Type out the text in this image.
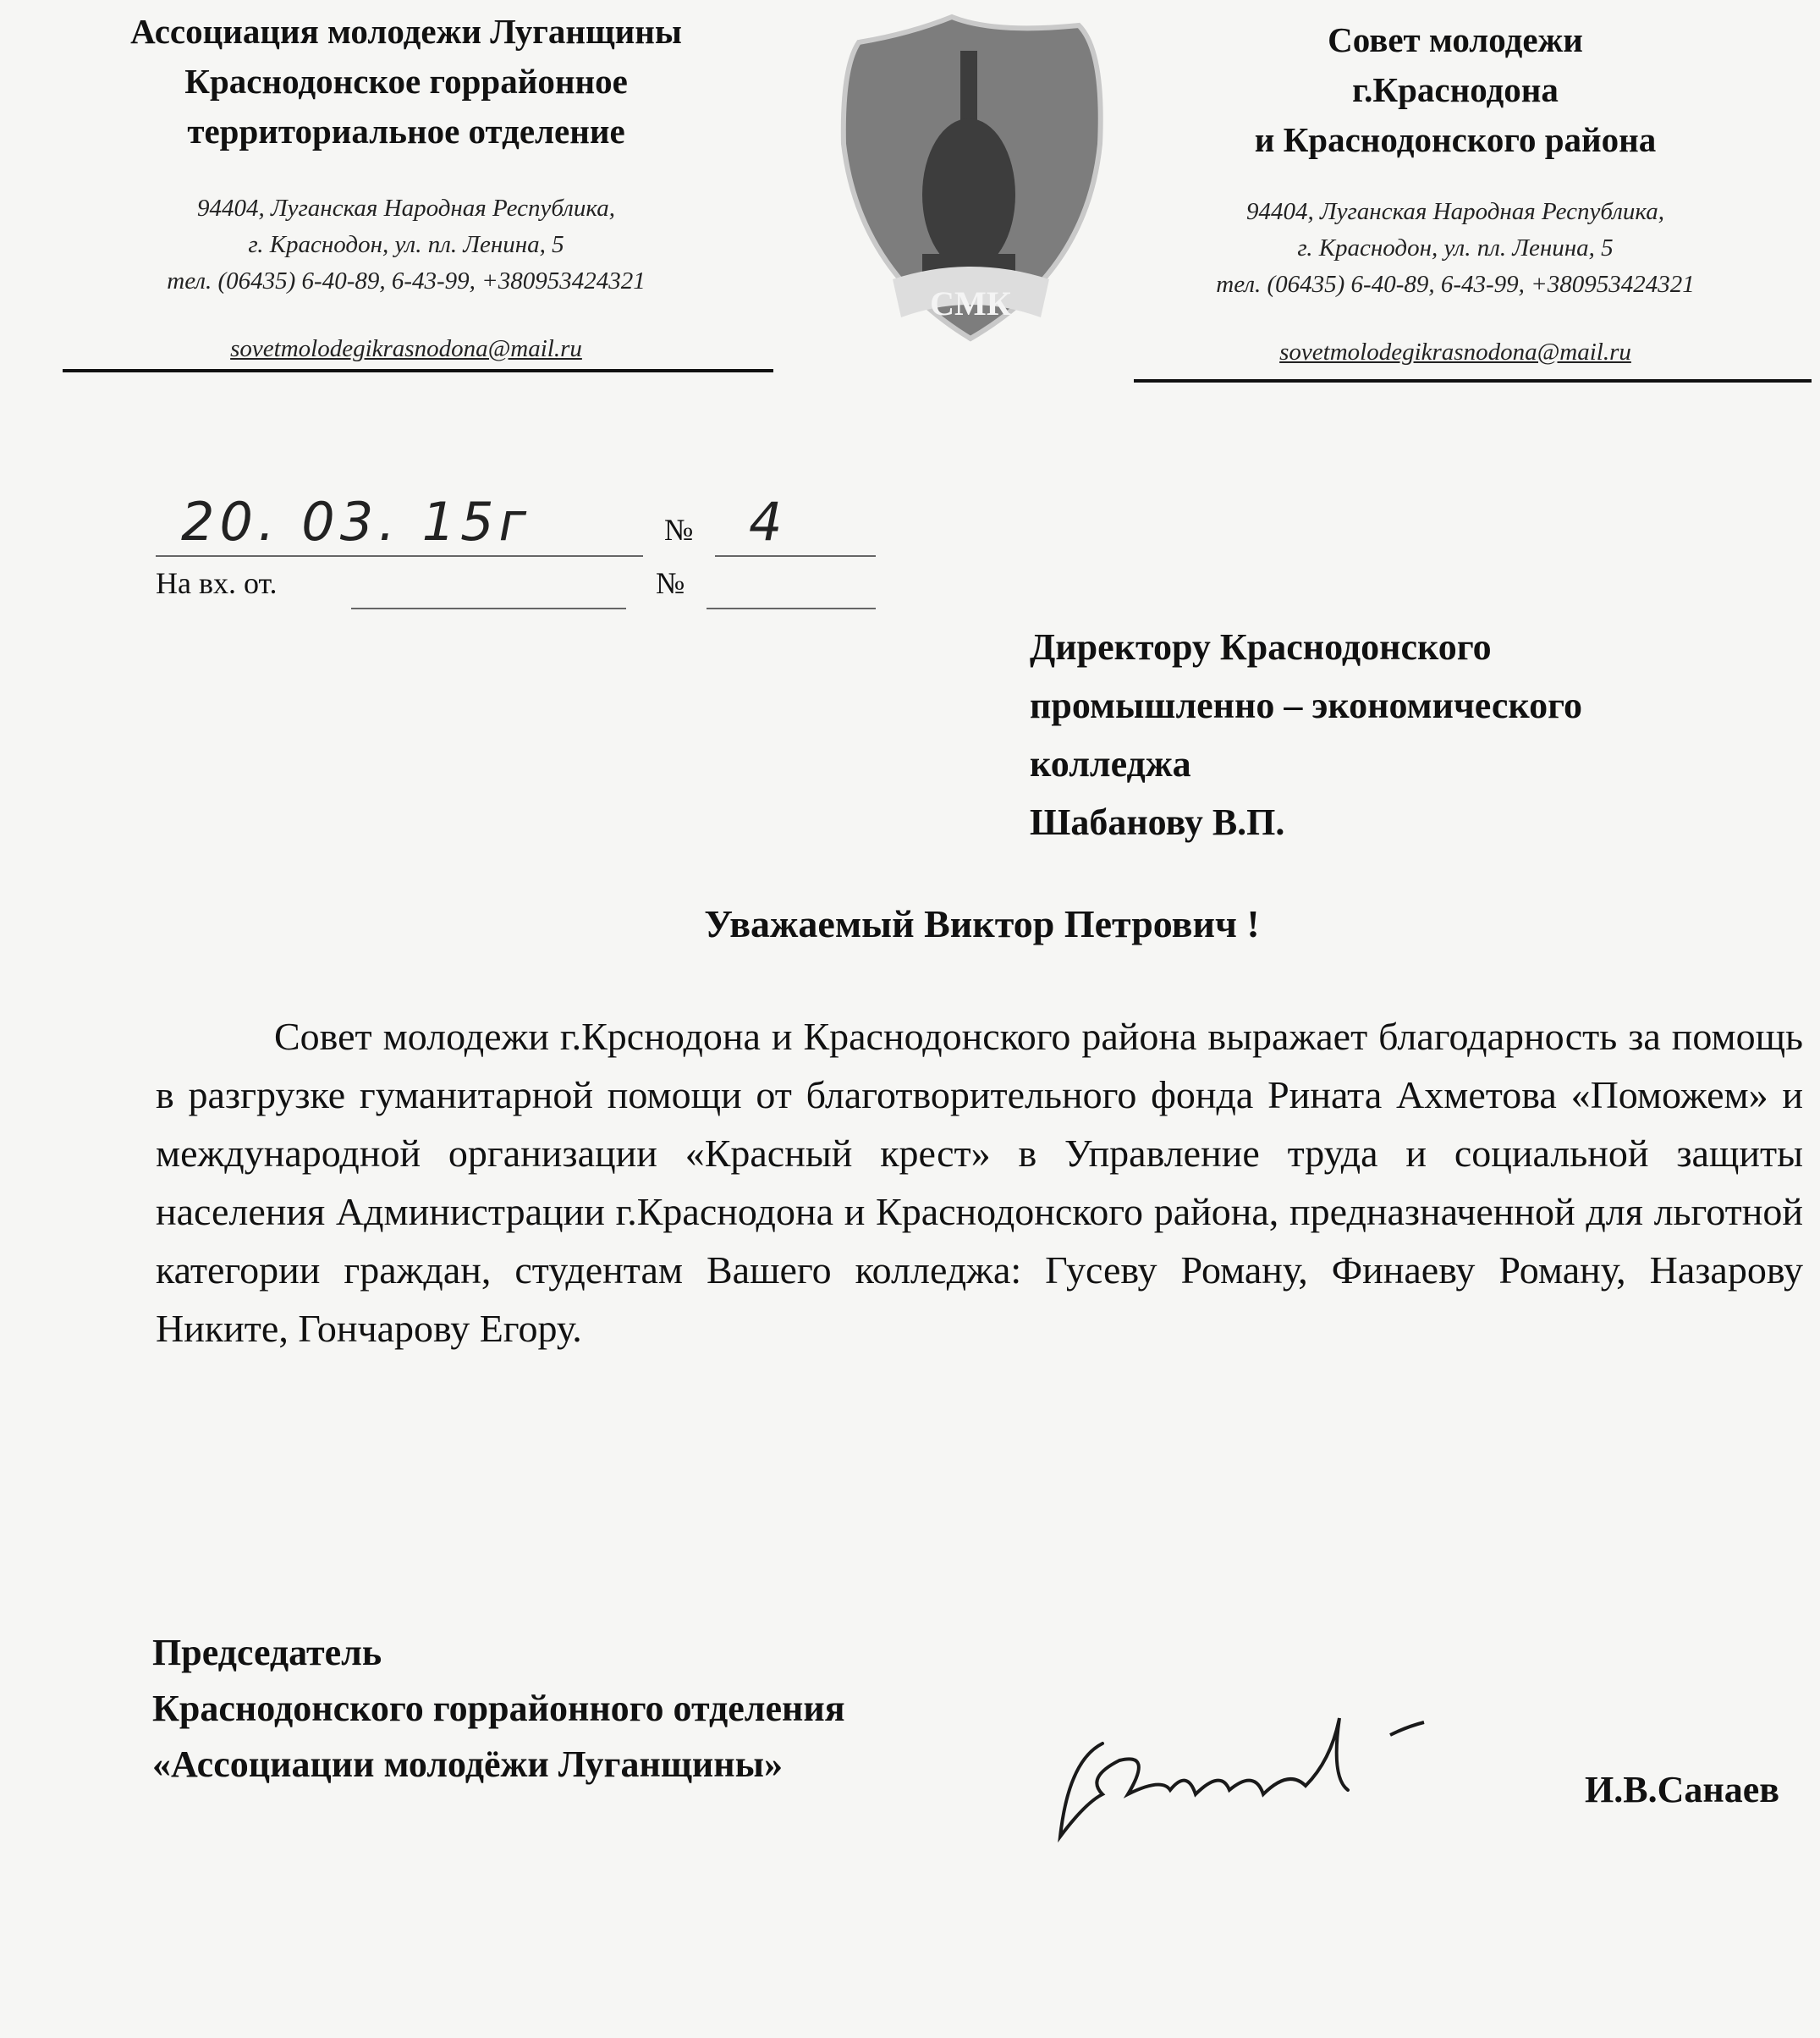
Ассоциация молодежи Луганщины
Краснодонское горрайонное
территориальное отделение
94404, Луганская Народная Республика,
г. Краснодон, ул. пл. Ленина, 5
тел. (06435) 6-40-89, 6-43-99, +380953424321
sovetmolodegikrasnodona@mail.ru
СМК
Совет молодежи
г.Краснодона
и Краснодонского района
94404, Луганская Народная Республика,
г. Краснодон, ул. пл. Ленина, 5
тел. (06435) 6-40-89, 6-43-99, +380953424321
sovetmolodegikrasnodona@mail.ru
20. 03. 15г	№	4
На вх. от.	№
Директору Краснодонского
промышленно – экономического
колледжа
Шабанову В.П.
Уважаемый Виктор Петрович !
Совет молодежи г.Крснодона и Краснодонского района выражает благодарность за помощь в разгрузке гуманитарной помощи от благотворительного фонда Рината Ахметова «Поможем» и международной организации «Красный крест» в Управление труда и социальной защиты населения Администрации г.Краснодона и Краснодонского района, предназначенной для льготной категории граждан, студентам Вашего колледжа: Гусеву Роману, Финаеву Роману, Назарову Никите, Гончарову Егору.
Председатель
Краснодонского горрайонного отделения
«Ассоциации молодёжи Луганщины»
И.В.Санаев
